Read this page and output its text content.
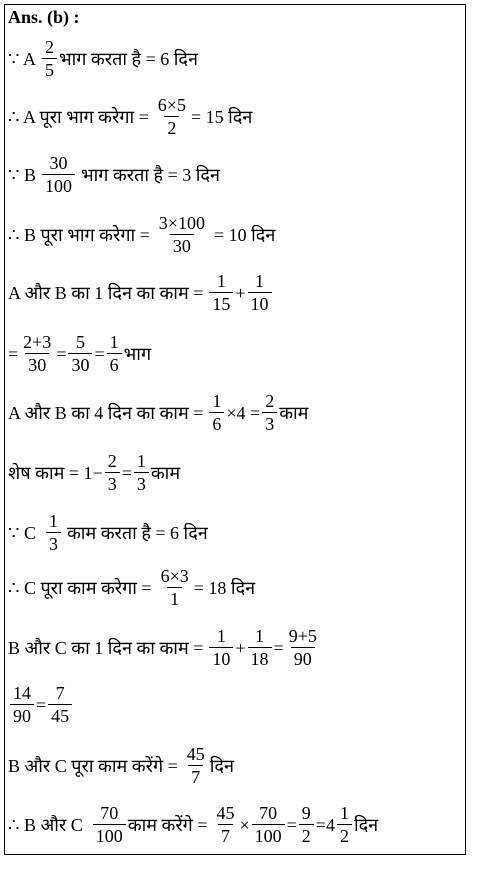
Ans. (b) :
∵ A $\frac{2}{5}$ भाग करता है = 6 दिन
∴ A पूरा भाग करेगा = $\frac{6\times 5}{2} = 15$ दिन
∵ B $\frac{30}{100}$ भाग करता है = 3 दिन
∴ B पूरा भाग करेगा = $\frac{3\times 100}{30} = 10$ दिन
A और B का 1 दिन का काम = $\frac{1}{15} + \frac{1}{10}$
= $\frac{2+3}{30} = \frac{5}{30} = \frac{1}{6}$ भाग
A और B का 4 दिन का काम = $\frac{1}{6} \times 4 = \frac{2}{3}$ काम
शेष काम = $1- \frac{2}{3} = \frac{1}{3}$ काम
∵ C $\frac{1}{3}$ काम करता है = 6 दिन
∴ C पूरा काम करेगा = $\frac{6\times 3}{1} = 18$ दिन
B और C का 1 दिन का काम = $\frac{1}{10} + \frac{1}{18} = \frac{9+5}{90}$
$\frac{14}{90} = \frac{7}{45}$
B और C पूरा काम करेंगे = $\frac{45}{7}$ दिन
∴ B और C $\frac{70}{100}$ काम करेंगे = $\frac{45}{7} \times \frac{70}{100} = \frac{9}{2} = 4 \frac{1}{2}$ दिन
